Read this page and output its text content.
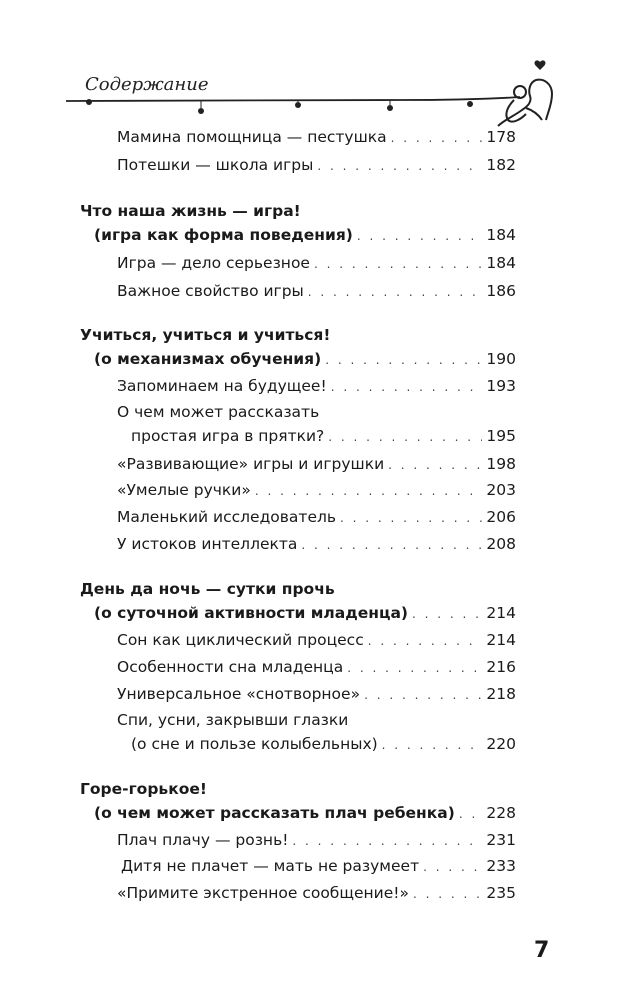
Содержание
Мамина помощница — пестушка . . .	178
Потешки — школа игры . . .	182
Что наша жизнь — игра!
(игра как форма поведения) . . .	184
Игра — дело серьезное . . .	184
Важное свойство игры . . .	186
Учиться, учиться и учиться!
(о механизмах обучения) . . .	190
Запоминаем на будущее! . . .	193
О чем может рассказать
простая игра в прятки? . . .	195
«Развивающие» игры и игрушки . . .	198
«Умелые ручки» . . .	203
Маленький исследователь . . .	206
У истоков интеллекта . . .	208
День да ночь — сутки прочь
(о суточной активности младенца) . . .	214
Сон как циклический процесс . . .	214
Особенности сна младенца . . .	216
Универсальное «снотворное» . . .	218
Спи, усни, закрывши глазки
(о сне и пользе колыбельных) . . .	220
Горе-горькое!
(о чем может рассказать плач ребенка) . . . 228
Плач плачу — рознь! . . .	231
Дитя не плачет — мать не разумеет . . .	233
«Примите экстренное сообщение!» . . .	235
7
